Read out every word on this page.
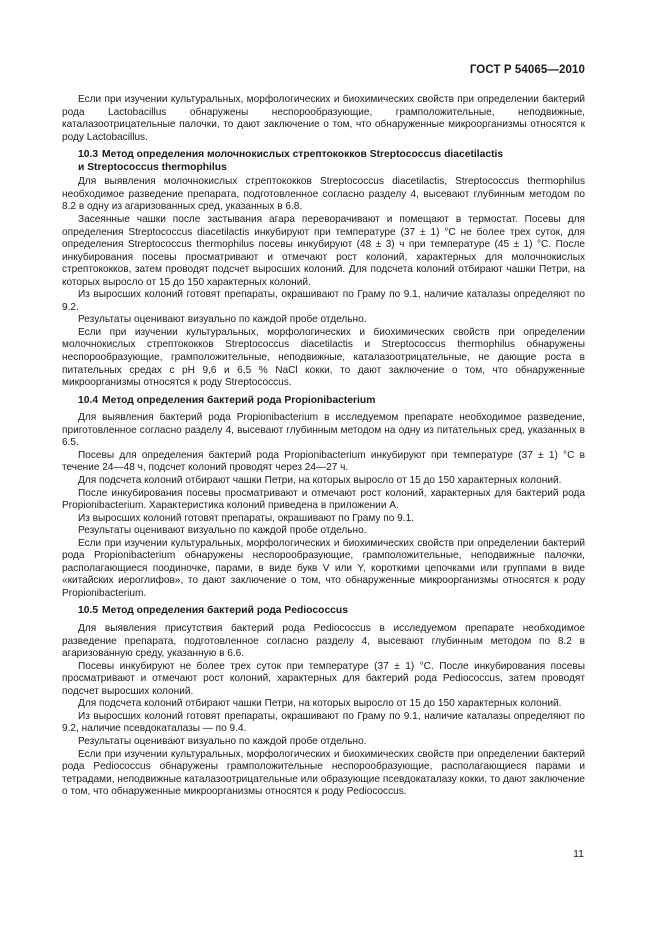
ГОСТ Р 54065—2010

Если при изучении культуральных, морфологических и биохимических свойств при определении бактерий рода Lactobacillus обнаружены неспорообразующие, грамположительные, неподвижные, каталазоотрицательные палочки, то дают заключение о том, что обнаруженные микроорганизмы относятся к роду Lactobacillus.

10.3 Метод определения молочнокислых стрептококков Streptococcus diacetilactis
и Streptococcus thermophilus

Для выявления молочнокислых стрептококков Streptococcus diacetilactis, Streptococcus thermophilus необходимое разведение препарата, подготовленное согласно разделу 4, высевают глубинным методом по 8.2 в одну из агаризованных сред, указанных в 6.8.

Засеянные чашки после застывания агара переворачивают и помещают в термостат. Посевы для определения Streptococcus diacetilactis инкубируют при температуре (37 ± 1) °С не более трех суток, для определения Streptococcus thermophilus посевы инкубируют (48 ± 3) ч при температуре (45 ± 1) °С. После инкубирования посевы просматривают и отмечают рост колоний, характерных для молочнокислых стрептококков, затем проводят подсчет выросших колоний. Для подсчета колоний отбирают чашки Петри, на которых выросло от 15 до 150 характерных колоний.

Из выросших колоний готовят препараты, окрашивают по Граму по 9.1, наличие каталазы определяют по 9.2.

Результаты оценивают визуально по каждой пробе отдельно.

Если при изучении культуральных, морфологических и биохимических свойств при определении молочнокислых стрептококков Streptococcus diacetilactis и Streptococcus thermophilus обнаружены неспорообразующие, грамположительные, неподвижные, каталазоотрицательные, не дающие роста в питательных средах с рН 9,6 и 6,5 % NaCl кокки, то дают заключение о том, что обнаруженные микроорганизмы относятся к роду Streptococcus.

10.4 Метод определения бактерий рода Propionibacterium

Для выявления бактерий рода Propionibacterium в исследуемом препарате необходимое разведение, приготовленное согласно разделу 4, высевают глубинным методом на одну из питательных сред, указанных в 6.5.

Посевы для определения бактерий рода Propionibacterium инкубируют при температуре (37 ± 1) °С в течение 24—48 ч, подсчет колоний проводят через 24—27 ч.

Для подсчета колоний отбирают чашки Петри, на которых выросло от 15 до 150 характерных колоний.

После инкубирования посевы просматривают и отмечают рост колоний, характерных для бактерий рода Propionibacterium. Характеристика колоний приведена в приложении А.

Из выросших колоний готовят препараты, окрашивают по Граму по 9.1.

Результаты оценивают визуально по каждой пробе отдельно.

Если при изучении культуральных, морфологических и биохимических свойств при определении бактерий рода Propionibacterium обнаружены неспорообразующие, грамположительные, неподвижные палочки, располагающиеся поодиночке, парами, в виде букв V или Y, короткими цепочками или группами в виде «китайских иероглифов», то дают заключение о том, что обнаруженные микроорганизмы относятся к роду Propionibacterium.

10.5 Метод определения бактерий рода Pediococcus

Для выявления присутствия бактерий рода Pediococcus в исследуемом препарате необходимое разведение препарата, подготовленное согласно разделу 4, высевают глубинным методом по 8.2 в агаризованную среду, указанную в 6.6.

Посевы инкубируют не более трех суток при температуре (37 ± 1) °С. После инкубирования посевы просматривают и отмечают рост колоний, характерных для бактерий рода Pediococcus, затем проводят подсчет выросших колоний.

Для подсчета колоний отбирают чашки Петри, на которых выросло от 15 до 150 характерных колоний.

Из выросших колоний готовят препараты, окрашивают по Граму по 9.1, наличие каталазы определяют по 9.2, наличие псевдокаталазы — по 9.4.

Результаты оценивают визуально по каждой пробе отдельно.

Если при изучении культуральных, морфологических и биохимических свойств при определении бактерий рода Pediococcus обнаружены грамположительные неспорообразующие, располагающиеся парами и тетрадами, неподвижные каталазоотрицательные или образующие псевдокаталазу кокки, то дают заключение о том, что обнаруженные микроорганизмы относятся к роду Pediococcus.

11
